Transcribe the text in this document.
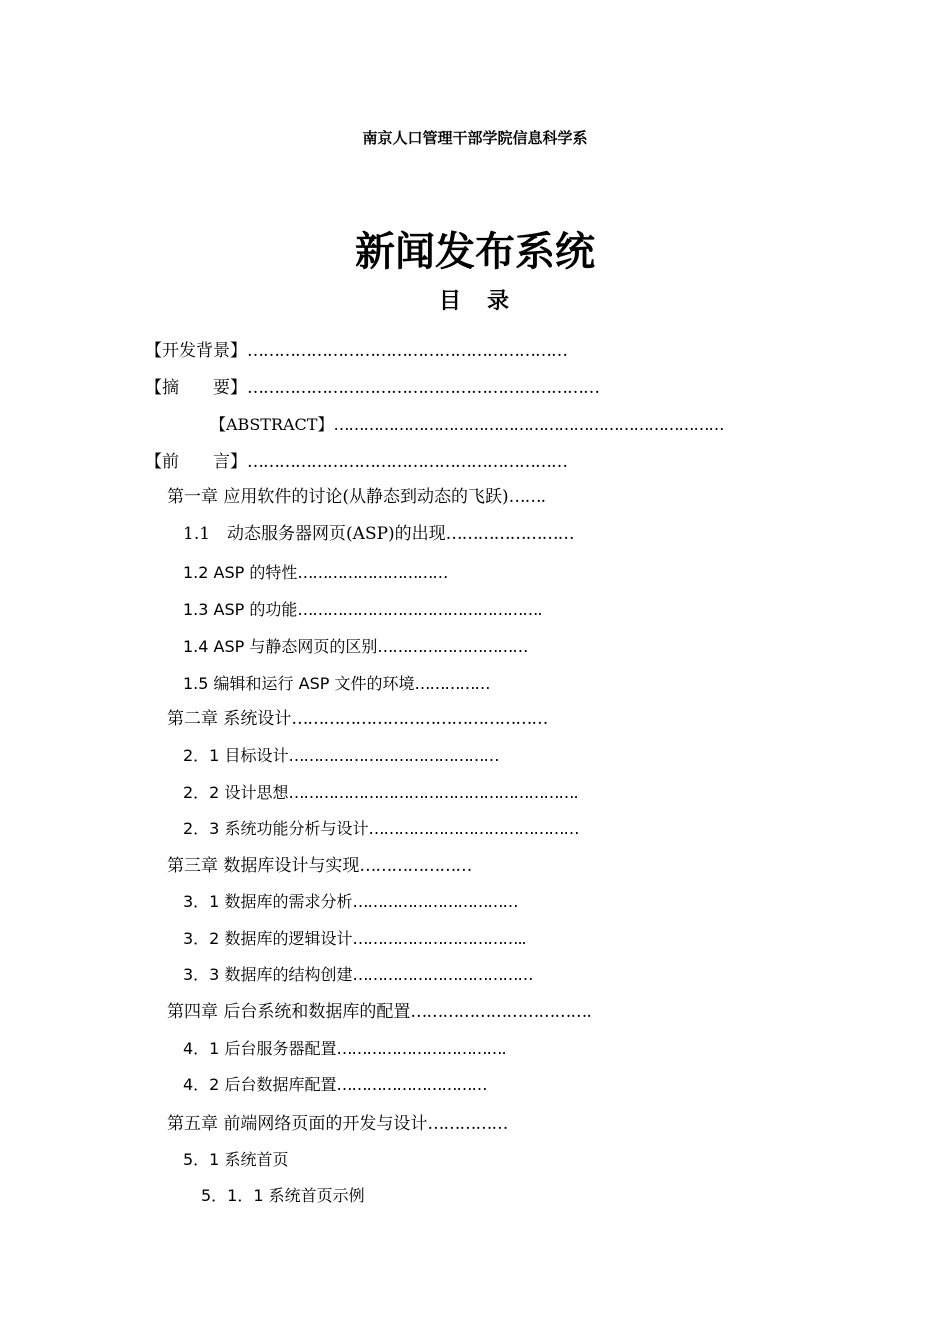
南京人口管理干部学院信息科学系
新闻发布系统
目　录
【开发背景】……………………………………………………
【摘　　要】…………………………………………………………
【ABSTRACT】……………………………………………………………………
【前　　言】……………………………………………………
第一章 应用软件的讨论(从静态到动态的飞跃)…….
1.1　动态服务器网页(ASP)的出现……………………
1.2 ASP 的特性…………………………
1.3 ASP 的功能………………………………………….
1.4 ASP 与静态网页的区别…………………………
1.5 编辑和运行 ASP 文件的环境……………
第二章 系统设计…………………………………………
2．1 目标设计……………………………………
2．2 设计思想………………………………………………….
2．3 系统功能分析与设计……………………………………
第三章 数据库设计与实现…………………
3．1 数据库的需求分析……………………………
3．2 数据库的逻辑设计……………………………..
3．3 数据库的结构创建………………………………
第四章 后台系统和数据库的配置…………………………….
4．1 后台服务器配置…………………………….
4．2 后台数据库配置…………………………
第五章 前端网络页面的开发与设计……………
5．1 系统首页
5．1．1 系统首页示例
